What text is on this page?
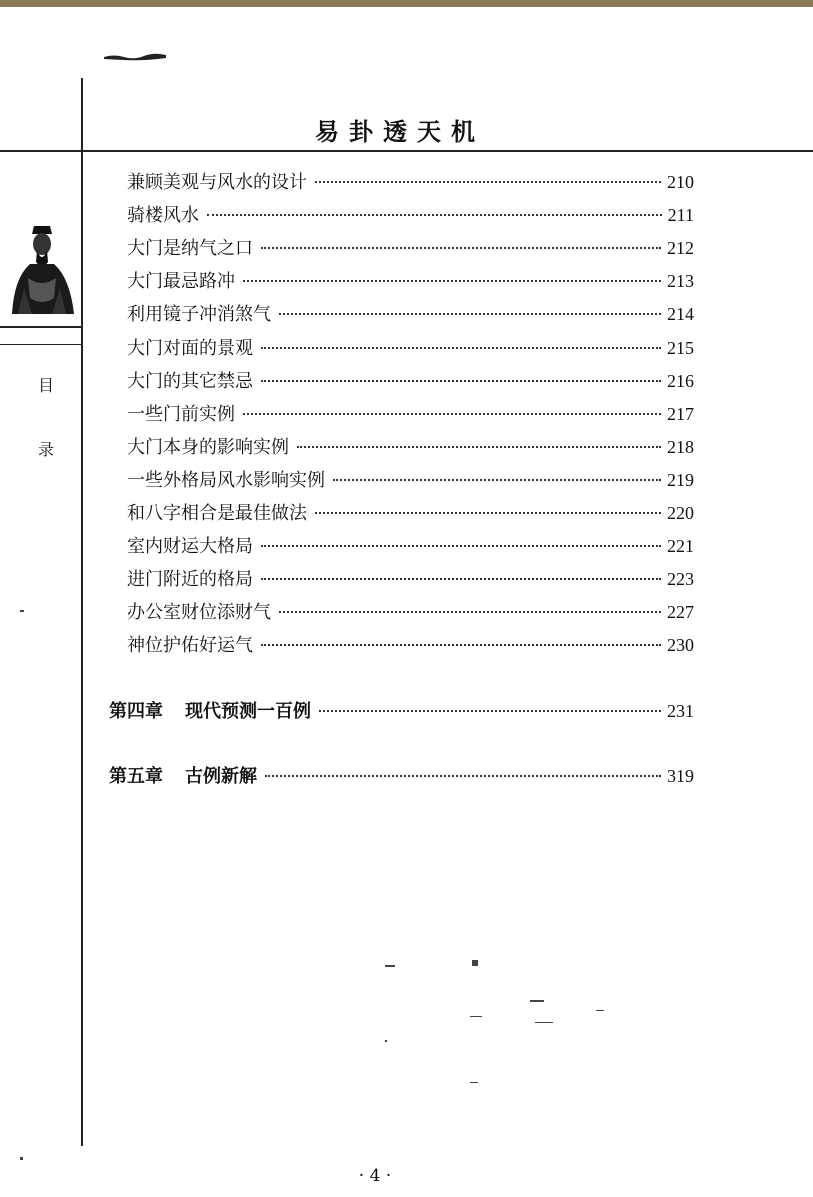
易卦透天机
目
录
兼顾美观与风水的设计	210
骑楼风水	211
大门是纳气之口	212
大门最忌路冲	213
利用镜子冲消煞气	214
大门对面的景观	215
大门的其它禁忌	216
一些门前实例	217
大门本身的影响实例	218
一些外格局风水影响实例	219
和八字相合是最佳做法	220
室内财运大格局	221
进门附近的格局	223
办公室财位添财气	227
神位护佑好运气	230
第四章 现代预测一百例	231
第五章 古例新解	319
· 4 ·
